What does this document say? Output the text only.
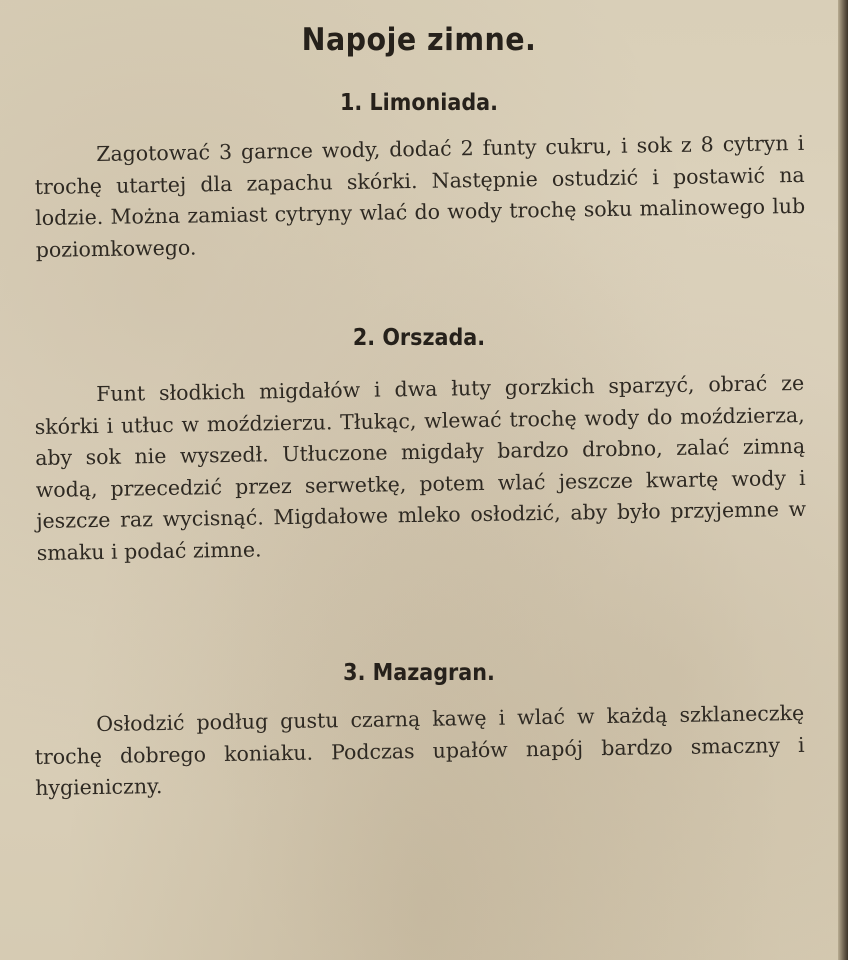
Napoje zimne.
1. Limoniada.

Zagotować 3 garnce wody, dodać 2 funty cukru, i sok z 8 cytryn i trochę utartej dla zapachu skórki. Następnie ostudzić i postawić na lodzie. Można zamiast cytryny wlać do wody trochę soku malinowego lub poziomkowego.

2. Orszada.

Funt słodkich migdałów i dwa łuty gorzkich sparzyć, obrać ze skórki i utłuc w moździerzu. Tłukąc, wlewać trochę wody do moździerza, aby sok nie wyszedł. Utłuczone migdały bardzo drobno, zalać zimną wodą, przecedzić przez serwetkę, potem wlać jeszcze kwartę wody i jeszcze raz wycisnąć. Migdałowe mleko osłodzić, aby było przyjemne w smaku i podać zimne.

3. Mazagran.

Osłodzić podług gustu czarną kawę i wlać w każdą szklaneczkę trochę dobrego koniaku. Podczas upałów napój bardzo smaczny i hygieniczny.
